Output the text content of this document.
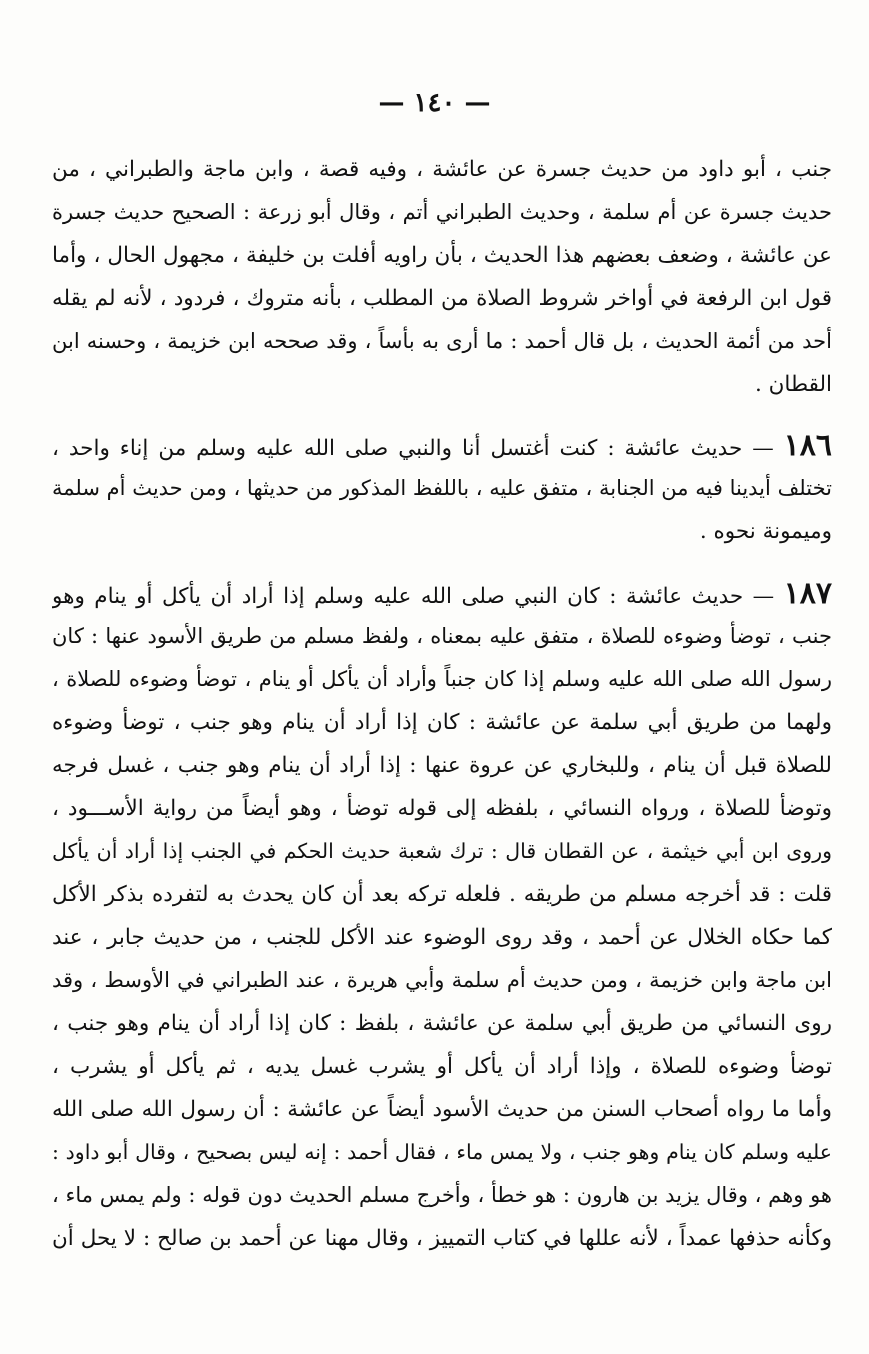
— ١٤٠ —
جنب ، أبو داود من حديث جسرة عن عائشة ، وفيه قصة ، وابن ماجة والطبراني ، من
حديث جسرة عن أم سلمة ، وحديث الطبراني أتم ، وقال أبو زرعة : الصحيح حديث جسرة
عن عائشة ، وضعف بعضهم هذا الحديث ، بأن راويه أفلت بن خليفة ، مجهول الحال ، وأما
قول ابن الرفعة في أواخر شروط الصلاة من المطلب ، بأنه متروك ، فردود ، لأنه لم يقله
أحد من أئمة الحديث ، بل قال أحمد : ما أرى به بأساً ، وقد صححه ابن خزيمة ، وحسنه ابن
القطان .
١٨٦ — حديث عائشة : كنت أغتسل أنا والنبي صلى الله عليه وسلم من إناء واحد ،
تختلف أيدينا فيه من الجنابة ، متفق عليه ، باللفظ المذكور من حديثها ، ومن حديث أم سلمة
وميمونة نحوه .
١٨٧ — حديث عائشة : كان النبي صلى الله عليه وسلم إذا أراد أن يأكل أو ينام وهو
جنب ، توضأ وضوءه للصلاة ، متفق عليه بمعناه ، ولفظ مسلم من طريق الأسود عنها : كان
رسول الله صلى الله عليه وسلم إذا كان جنباً وأراد أن يأكل أو ينام ، توضأ وضوءه للصلاة ،
ولهما من طريق أبي سلمة عن عائشة : كان إذا أراد أن ينام وهو جنب ، توضأ وضوءه
للصلاة قبل أن ينام ، وللبخاري عن عروة عنها : إذا أراد أن ينام وهو جنب ، غسل فرجه
وتوضأ للصلاة ، ورواه النسائي ، بلفظه إلى قوله توضأ ، وهو أيضاً من رواية الأســـود ،
وروى ابن أبي خيثمة ، عن القطان قال : ترك شعبة حديث الحكم في الجنب إذا أراد أن يأكل
قلت : قد أخرجه مسلم من طريقه . فلعله تركه بعد أن كان يحدث به لتفرده بذكر الأكل
كما حكاه الخلال عن أحمد ، وقد روى الوضوء عند الأكل للجنب ، من حديث جابر ، عند
ابن ماجة وابن خزيمة ، ومن حديث أم سلمة وأبي هريرة ، عند الطبراني في الأوسط ، وقد
روى النسائي من طريق أبي سلمة عن عائشة ، بلفظ : كان إذا أراد أن ينام وهو جنب ،
توضأ وضوءه للصلاة ، وإذا أراد أن يأكل أو يشرب غسل يديه ، ثم يأكل أو يشرب ،
وأما ما رواه أصحاب السنن من حديث الأسود أيضاً عن عائشة : أن رسول الله صلى الله
عليه وسلم كان ينام وهو جنب ، ولا يمس ماء ، فقال أحمد : إنه ليس بصحيح ، وقال أبو داود :
هو وهم ، وقال يزيد بن هارون : هو خطأ ، وأخرج مسلم الحديث دون قوله : ولم يمس ماء ،
وكأنه حذفها عمداً ، لأنه عللها في كتاب التمييز ، وقال مهنا عن أحمد بن صالح : لا يحل أن
